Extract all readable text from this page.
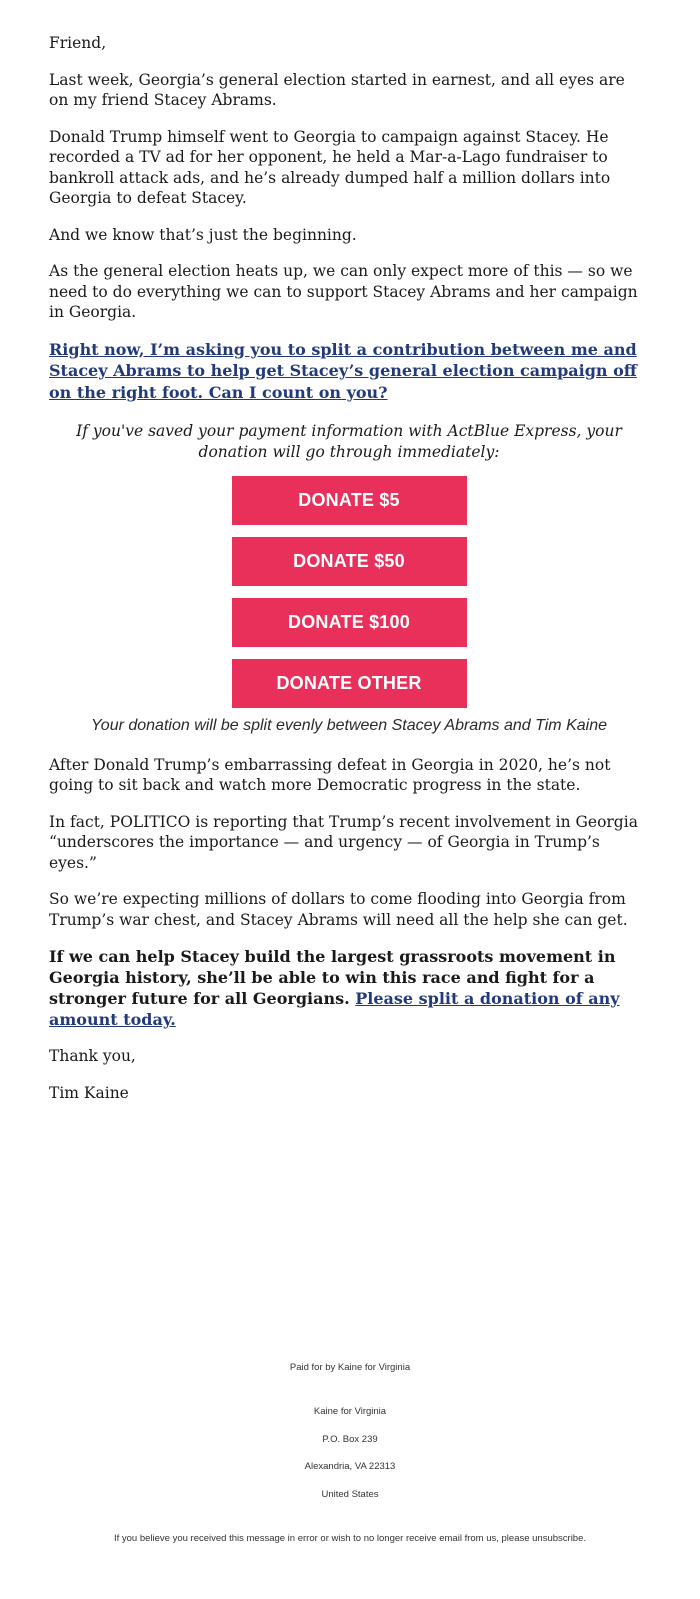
Friend,

Last week, Georgia’s general election started in earnest, and all eyes are on my friend Stacey Abrams.

Donald Trump himself went to Georgia to campaign against Stacey. He recorded a TV ad for her opponent, he held a Mar-a-Lago fundraiser to bankroll attack ads, and he’s already dumped half a million dollars into Georgia to defeat Stacey.

And we know that’s just the beginning.

As the general election heats up, we can only expect more of this — so we need to do everything we can to support Stacey Abrams and her campaign in Georgia.

Right now, I’m asking you to split a contribution between me and Stacey Abrams to help get Stacey’s general election campaign off on the right foot. Can I count on you?

If you've saved your payment information with ActBlue Express, your donation will go through immediately:

DONATE $5
DONATE $50
DONATE $100
DONATE OTHER

Your donation will be split evenly between Stacey Abrams and Tim Kaine

After Donald Trump’s embarrassing defeat in Georgia in 2020, he’s not going to sit back and watch more Democratic progress in the state.

In fact, POLITICO is reporting that Trump’s recent involvement in Georgia “underscores the importance — and urgency — of Georgia in Trump’s eyes.”

So we’re expecting millions of dollars to come flooding into Georgia from Trump’s war chest, and Stacey Abrams will need all the help she can get.

If we can help Stacey build the largest grassroots movement in Georgia history, she’ll be able to win this race and fight for a stronger future for all Georgians. Please split a donation of any amount today.

Thank you,

Tim Kaine

Paid for by Kaine for Virginia
Kaine for Virginia
P.O. Box 239
Alexandria, VA 22313
United States
If you believe you received this message in error or wish to no longer receive email from us, please unsubscribe.
